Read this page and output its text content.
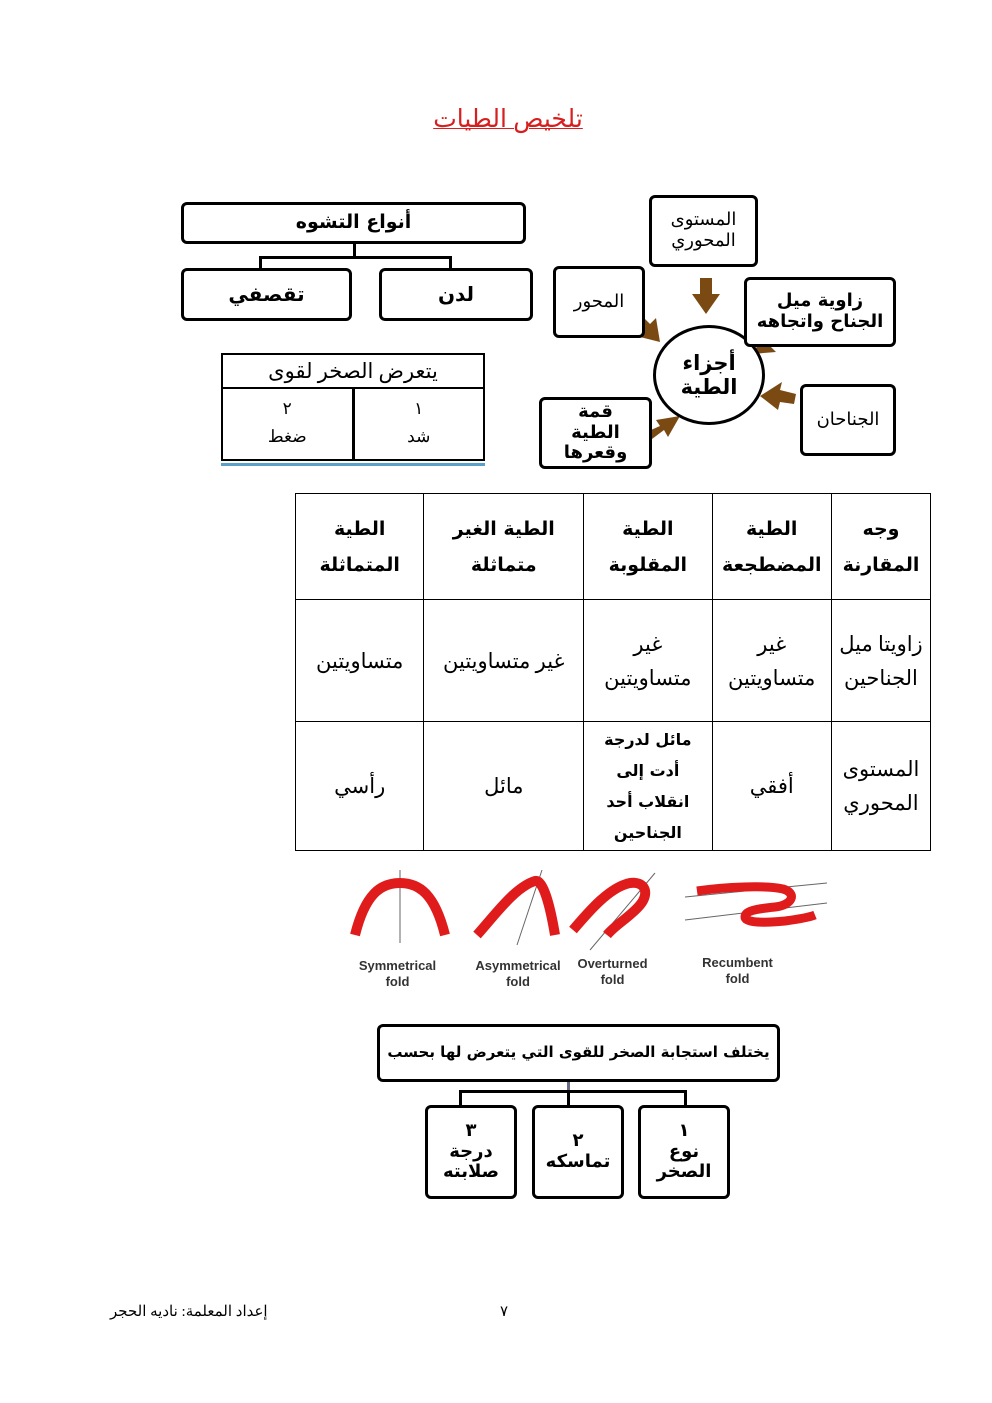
تلخيص الطيات
أنواع التشوه
لدن
تقصفي
يتعرض الصخر لقوى
٢
ضغط
١
شد
أجزاء الطية
المستوى المحوري
المحور	زاوية ميل الجناح واتجاهه
الجناحان
قمة الطية وقعرها
وجه المقارنة	الطية المضطجعة	الطية المقلوبة	الطية الغير متماثلة	الطية المتماثلة
زاويتا ميل الجناحين	غير متساويتين	غير متساويتين	غير متساويتين	متساويتين
المستوى المحوري	أفقي	مائل لدرجة أدت إلى انقلاب أحد الجناحين	مائل	رأسي
Symmetrical fold
Asymmetrical fold
Overturned fold
Recumbent fold
يختلف استجابة الصخر للقوى التي يتعرض لها بحسب
٣
درجة صلابته
٢
تماسكه
١
نوع الصخر
إعداد المعلمة: ناديه الحجر	٧
